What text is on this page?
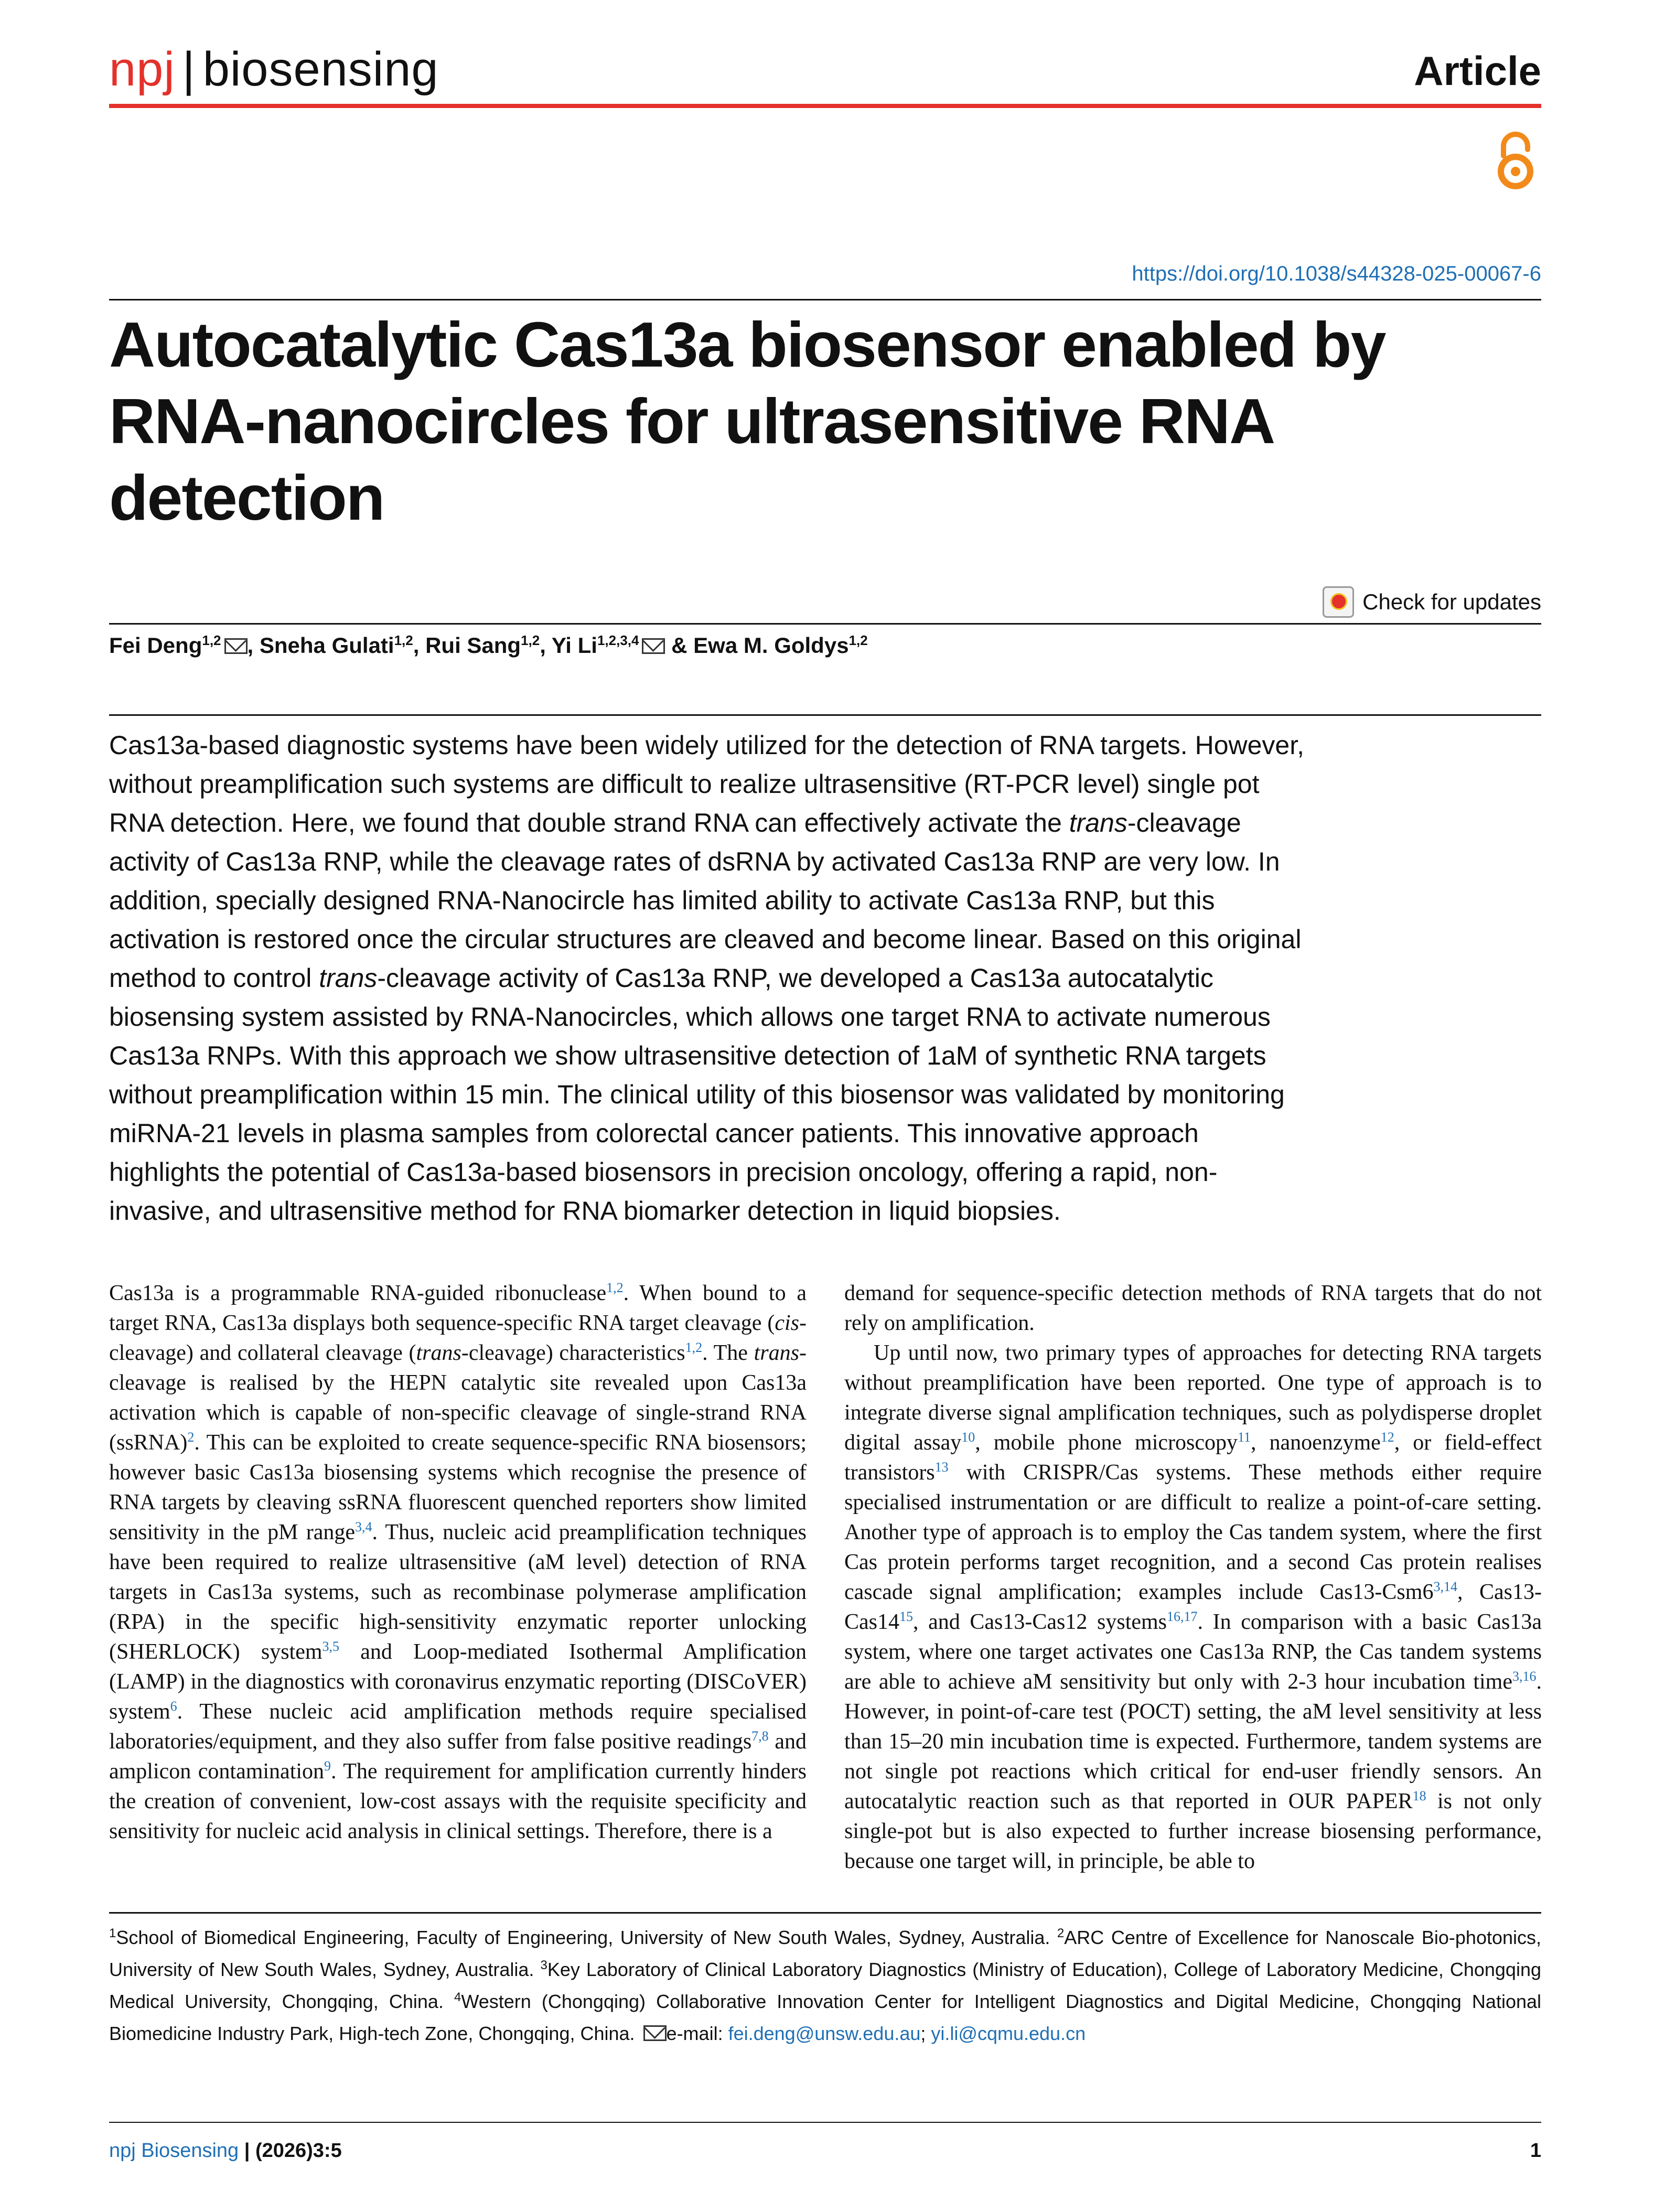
npj | biosensing	Article
https://doi.org/10.1038/s44328-025-00067-6
Autocatalytic Cas13a biosensor enabled by RNA-nanocircles for ultrasensitive RNA detection
Check for updates
Fei Deng$^{1,2}$ , Sneha Gulati$^{1,2}$, Rui Sang$^{1,2}$, Yi Li$^{1,2,3,4}$ & Ewa M. Goldys$^{1,2}$
Cas13a-based diagnostic systems have been widely utilized for the detection of RNA targets. However, without preamplification such systems are difficult to realize ultrasensitive (RT-PCR level) single pot RNA detection. Here, we found that double strand RNA can effectively activate the trans-cleavage activity of Cas13a RNP, while the cleavage rates of dsRNA by activated Cas13a RNP are very low. In addition, specially designed RNA-Nanocircle has limited ability to activate Cas13a RNP, but this activation is restored once the circular structures are cleaved and become linear. Based on this original method to control trans-cleavage activity of Cas13a RNP, we developed a Cas13a autocatalytic biosensing system assisted by RNA-Nanocircles, which allows one target RNA to activate numerous Cas13a RNPs. With this approach we show ultrasensitive detection of 1aM of synthetic RNA targets without preamplification within 15 min. The clinical utility of this biosensor was validated by monitoring miRNA-21 levels in plasma samples from colorectal cancer patients. This innovative approach highlights the potential of Cas13a-based biosensors in precision oncology, offering a rapid, non-invasive, and ultrasensitive method for RNA biomarker detection in liquid biopsies.

Cas13a is a programmable RNA-guided ribonuclease$^{1,2}$. When bound to a target RNA, Cas13a displays both sequence-specific RNA target cleavage (cis-cleavage) and collateral cleavage (trans-cleavage) characteristics$^{1,2}$. The trans-cleavage is realised by the HEPN catalytic site revealed upon Cas13a activation which is capable of non-specific cleavage of single-strand RNA (ssRNA)$^2$. This can be exploited to create sequence-specific RNA biosensors; however basic Cas13a biosensing systems which recognise the presence of RNA targets by cleaving ssRNA fluorescent quenched reporters show limited sensitivity in the pM range$^{3,4}$. Thus, nucleic acid preamplification techniques have been required to realize ultrasensitive (aM level) detection of RNA targets in Cas13a systems, such as recombinase polymerase amplification (RPA) in the specific high-sensitivity enzymatic reporter unlocking (SHERLOCK) system$^{3,5}$ and Loop-mediated Isothermal Amplification (LAMP) in the diagnostics with coronavirus enzymatic reporting (DISCoVER) system$^6$. These nucleic acid amplification methods require specialised laboratories/equipment, and they also suffer from false positive readings$^{7,8}$ and amplicon contamination$^9$. The requirement for amplification currently hinders the creation of convenient, low-cost assays with the requisite specificity and sensitivity for nucleic acid analysis in clinical settings. Therefore, there is a

demand for sequence-specific detection methods of RNA targets that do not rely on amplification.

Up until now, two primary types of approaches for detecting RNA targets without preamplification have been reported. One type of approach is to integrate diverse signal amplification techniques, such as polydisperse droplet digital assay$^{10}$, mobile phone microscopy$^{11}$, nanoenzyme$^{12}$, or field-effect transistors$^{13}$ with CRISPR/Cas systems. These methods either require specialised instrumentation or are difficult to realize a point-of-care setting. Another type of approach is to employ the Cas tandem system, where the first Cas protein performs target recognition, and a second Cas protein realises cascade signal amplification; examples include Cas13-Csm6$^{3,14}$, $Cas13-Cas14^{15}$, and Cas13-Cas12 systems$^{16,17}$. In comparison with a basic Cas13a system, where one target activates one Cas13a RNP, the Cas tandem systems are able to achieve aM sensitivity but only with 2-3 hour incubation time$^{3,16}$. However, in point-of-care test (POCT) setting, the aM level sensitivity at less than 15–20 min incubation time is expected. Furthermore, tandem systems are not single pot reactions which critical for end-user friendly sensors. An autocatalytic reaction such as that reported in OUR PAPER$^{18}$ is not only single-pot but is also expected to further increase biosensing performance, because one target will, in principle, be able to

$^1$School of Biomedical Engineering, Faculty of Engineering, University of New South Wales, Sydney, Australia. $^2$ARC Centre of Excellence for Nanoscale Bio-photonics, University of New South Wales, Sydney, Australia. $^3$Key Laboratory of Clinical Laboratory Diagnostics (Ministry of Education), College of Laboratory Medicine, Chongqing Medical University, Chongqing, China. $^4$Western (Chongqing) Collaborative Innovation Center for Intelligent Diagnostics and Digital Medicine, Chongqing National Biomedicine Industry Park, High-tech Zone, Chongqing, China. e-mail: fei.deng@unsw.edu.au; yi.li@cqmu.edu.cn
npj Biosensing | (2026)3:5	1
